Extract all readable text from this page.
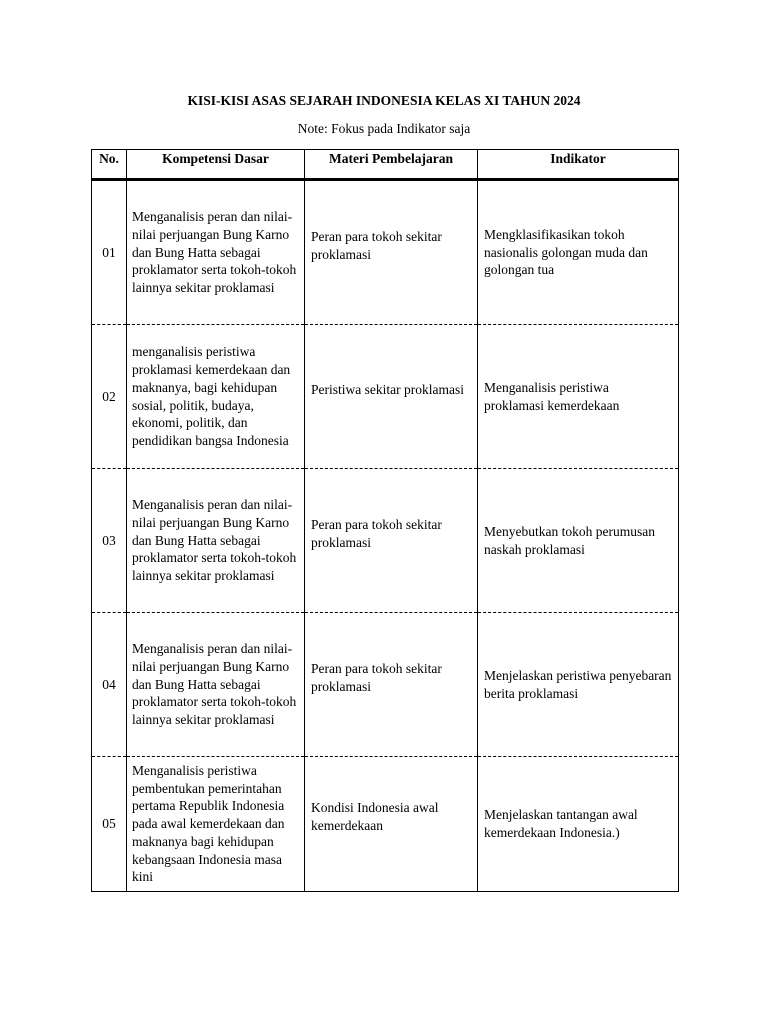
KISI-KISI ASAS SEJARAH INDONESIA KELAS XI TAHUN 2024
Note: Fokus pada Indikator saja
No.	Kompetensi Dasar	Materi Pembelajaran	Indikator
01	Menganalisis peran dan nilai-nilai perjuangan Bung Karno dan Bung Hatta sebagai proklamator serta tokoh-tokoh lainnya sekitar proklamasi	Peran para tokoh sekitar proklamasi	Mengklasifikasikan tokoh nasionalis golongan muda dan golongan tua

02	menganalisis peristiwa proklamasi kemerdekaan dan maknanya, bagi kehidupan sosial, politik, budaya, ekonomi, politik, dan pendidikan bangsa Indonesia	Peristiwa sekitar proklamasi	Menganalisis peristiwa proklamasi kemerdekaan

03	Menganalisis peran dan nilai-nilai perjuangan Bung Karno dan Bung Hatta sebagai proklamator serta tokoh-tokoh lainnya sekitar proklamasi	Peran para tokoh sekitar proklamasi	Menyebutkan tokoh perumusan naskah proklamasi

04	Menganalisis peran dan nilai-nilai perjuangan Bung Karno dan Bung Hatta sebagai proklamator serta tokoh-tokoh lainnya sekitar proklamasi	Peran para tokoh sekitar proklamasi	Menjelaskan peristiwa penyebaran berita proklamasi

05	Menganalisis peristiwa pembentukan pemerintahan pertama Republik Indonesia pada awal kemerdekaan dan maknanya bagi kehidupan kebangsaan Indonesia masa kini	Kondisi Indonesia awal kemerdekaan	Menjelaskan tantangan awal kemerdekaan Indonesia.)
